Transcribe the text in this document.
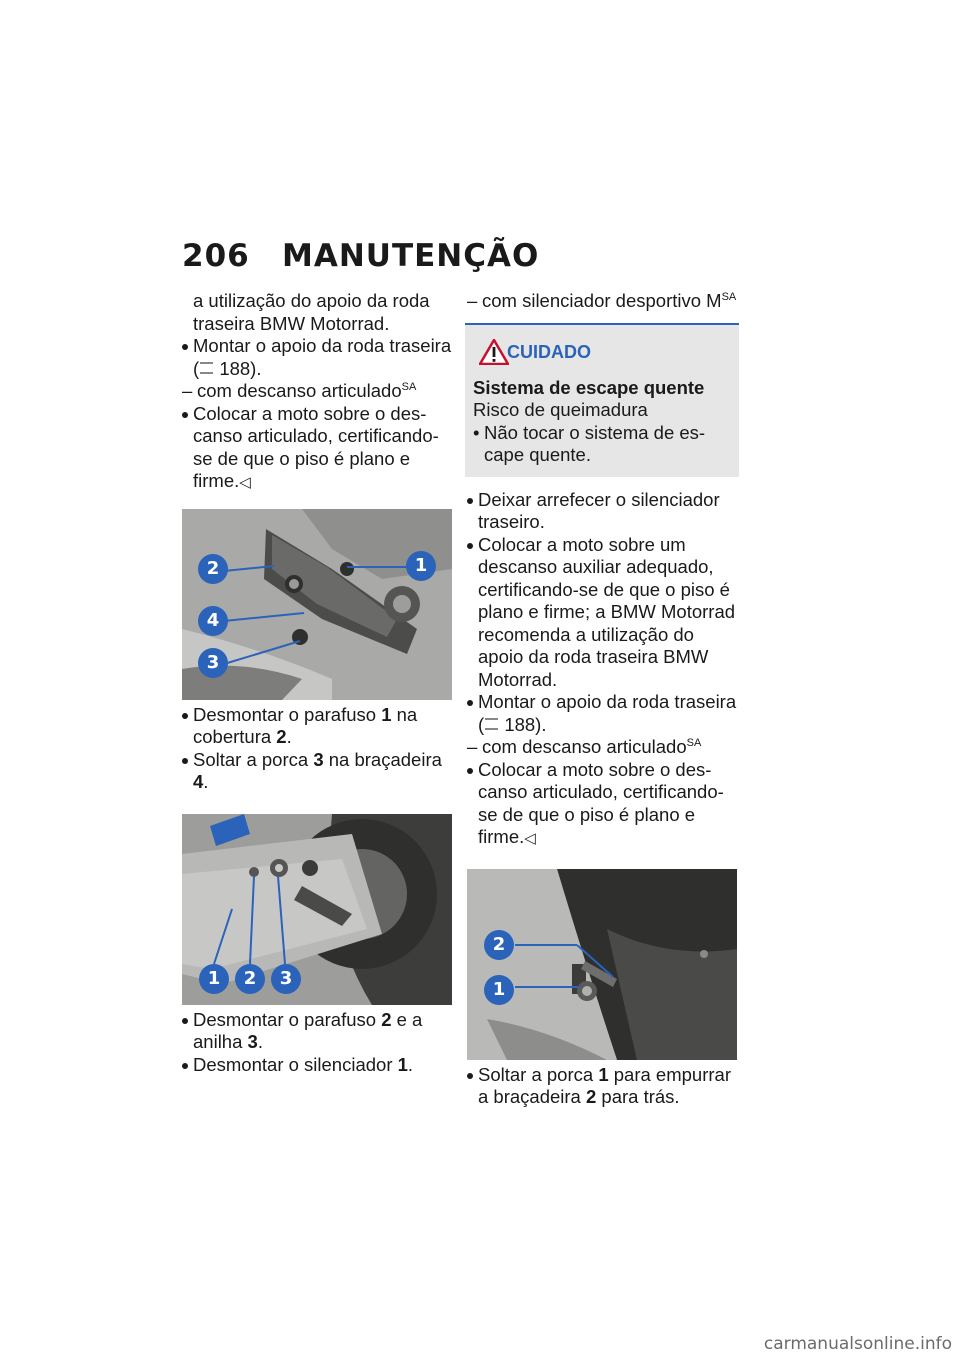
206 MANUTENÇÃO
a utilização do apoio da roda traseira BMW Motorrad.
Montar o apoio da roda traseira ( 188).
– com descanso articulado$^{SA}$
Colocar a moto sobre o descanso articulado, certificando-se de que o piso é plano e firme.◁
2	1
4
3
Desmontar o parafuso 1 na cobertura 2.
Soltar a porca 3 na braçadeira 4.
1	2	3
Desmontar o parafuso 2 e a anilha 3.
Desmontar o silenciador 1.
– com silenciador desportivo $M^{SA}$
CUIDADO
Sistema de escape quente
Risco de queimadura
• Não tocar o sistema de escape quente.
Deixar arrefecer o silenciador traseiro.
Colocar a moto sobre um descanso auxiliar adequado, certificando-se de que o piso é plano e firme; a BMW Motorrad recomenda a utilização do apoio da roda traseira BMW Motorrad.
Montar o apoio da roda traseira ( 188).
– com descanso articulado$^{SA}$
Colocar a moto sobre o descanso articulado, certificando-se de que o piso é plano e firme.◁
2
1
Soltar a porca 1 para empurrar a braçadeira 2 para trás.
carmanualsonline.info
